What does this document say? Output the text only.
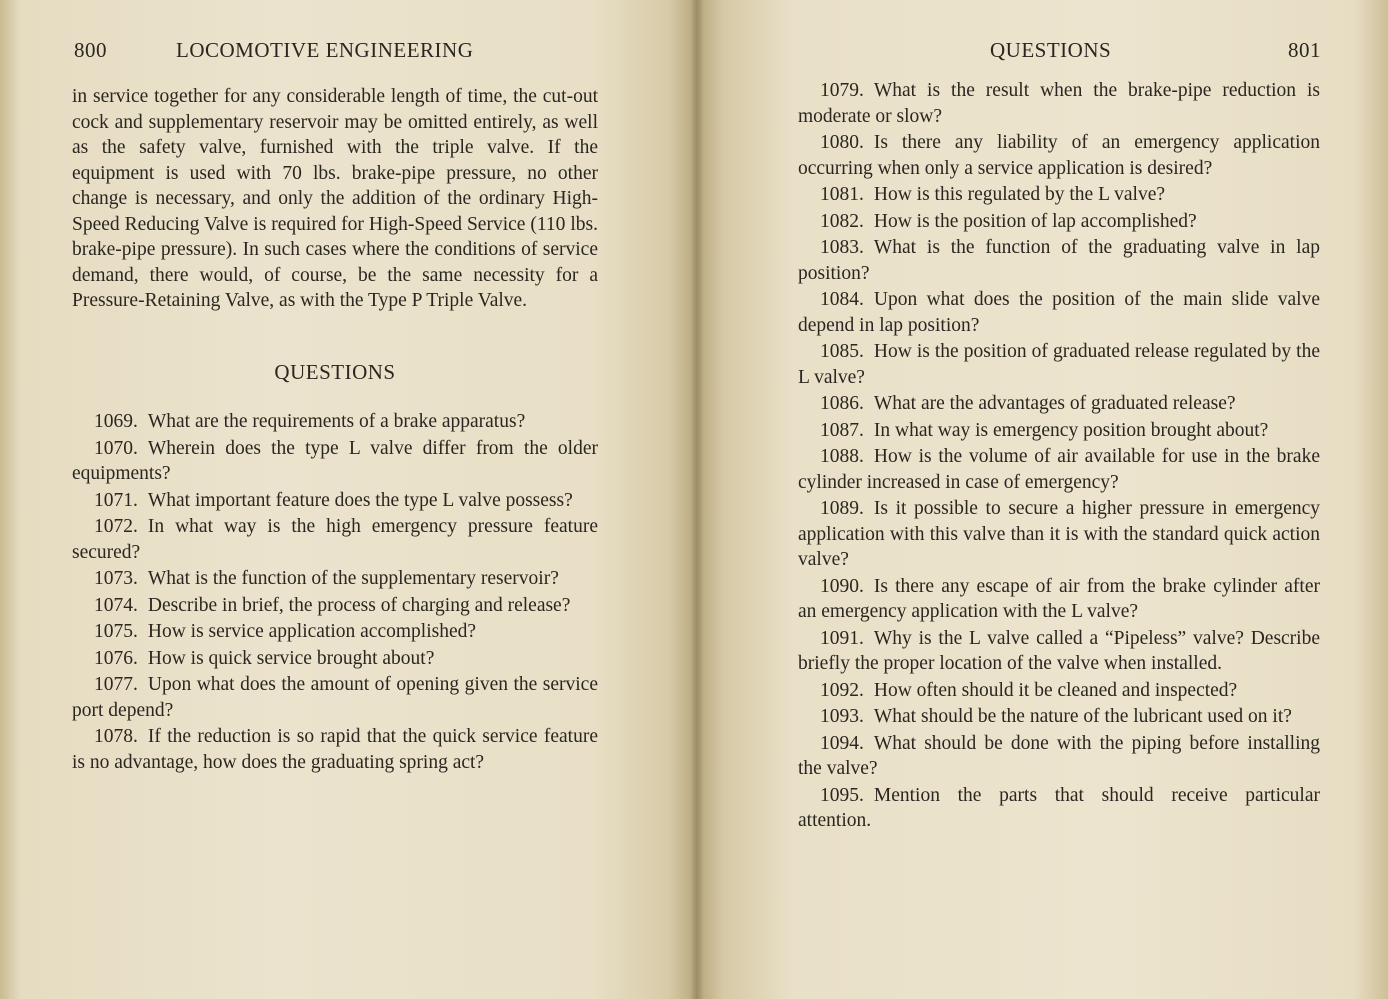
800	LOCOMOTIVE ENGINEERING

in service together for any considerable length of time, the cut-out cock and supplementary reservoir may be omitted entirely, as well as the safety valve, furnished with the triple valve. If the equipment is used with 70 lbs. brake-pipe pressure, no other change is necessary, and only the addition of the ordinary High-Speed Reducing Valve is required for High-Speed Service (110 lbs. brake-pipe pressure). In such cases where the conditions of service demand, there would, of course, be the same necessity for a Pressure-Retaining Valve, as with the Type P Triple Valve.

QUESTIONS

1069. What are the requirements of a brake apparatus?

1070. Wherein does the type L valve differ from the older equipments?

1071. What important feature does the type L valve possess?

1072. In what way is the high emergency pressure feature secured?

1073. What is the function of the supplementary reservoir?

1074. Describe in brief, the process of charging and release?

1075. How is service application accomplished?

1076. How is quick service brought about?

1077. Upon what does the amount of opening given the service port depend?

1078. If the reduction is so rapid that the quick service feature is no advantage, how does the graduating spring act?

1079. What is the result when the brake-pipe reduction is moderate or slow?

1080. Is there any liability of an emergency application occurring when only a service application is desired?

1081. How is this regulated by the L valve?

1082. How is the position of lap accomplished?

1083. What is the function of the graduating valve in lap position?

1084. Upon what does the position of the main slide valve depend in lap position?

1085. How is the position of graduated release regulated by the L valve?

1086. What are the advantages of graduated release?

1087. In what way is emergency position brought about?

1088. How is the volume of air available for use in the brake cylinder increased in case of emergency?

1089. Is it possible to secure a higher pressure in emergency application with this valve than it is with the standard quick action valve?

1090. Is there any escape of air from the brake cylinder after an emergency application with the L valve?

1091. Why is the L valve called a “Pipeless” valve? Describe briefly the proper location of the valve when installed.

1092. How often should it be cleaned and inspected?

1093. What should be the nature of the lubricant used on it?

1094. What should be done with the piping before installing the valve?

1095. Mention the parts that should receive particular attention.

QUESTIONS	801
